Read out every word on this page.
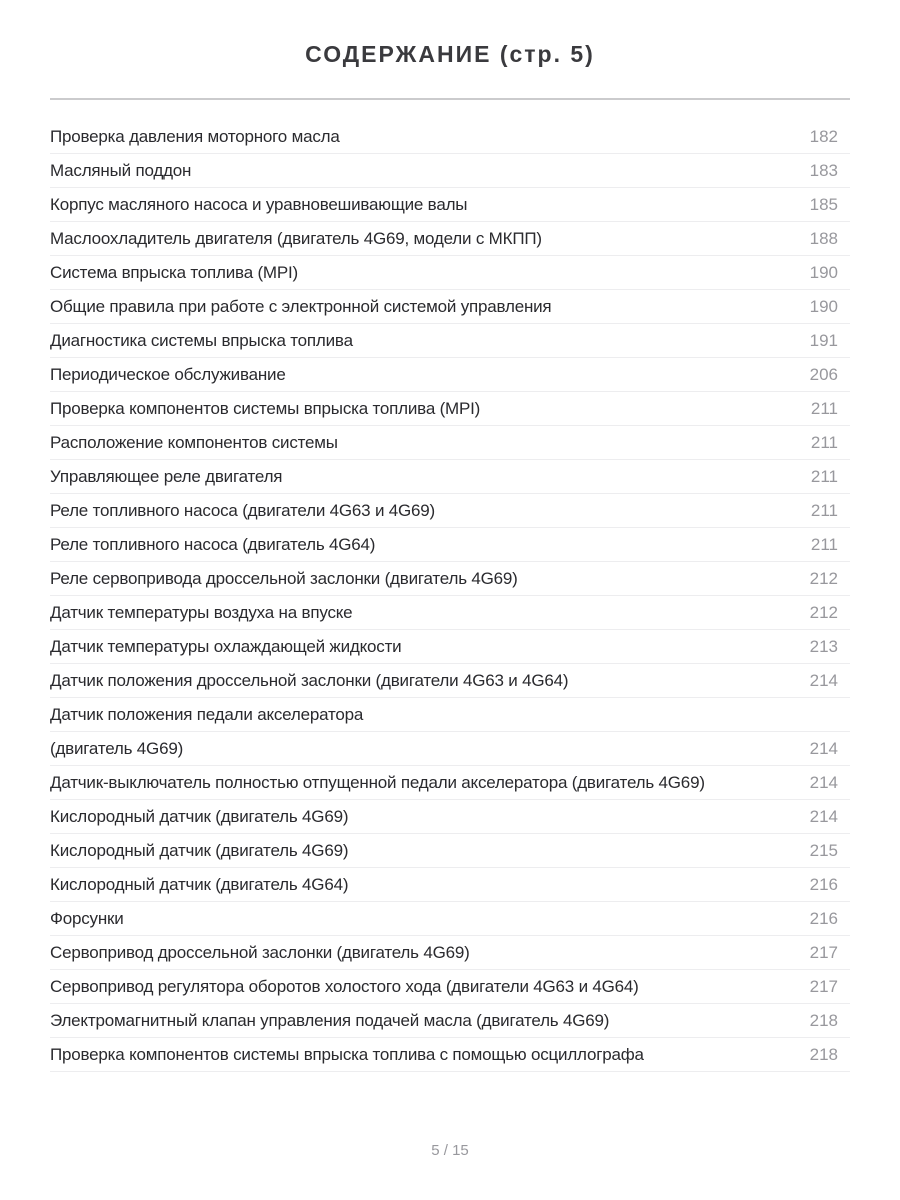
СОДЕРЖАНИЕ (стр. 5)
Проверка давления моторного масла	182
Масляный поддон	183
Корпус масляного насоса и уравновешивающие валы	185
Маслоохладитель двигателя (двигатель 4G69, модели с МКПП)	188
Система впрыска топлива (MPI)	190
Общие правила при работе с электронной системой управления	190
Диагностика системы впрыска топлива	191
Периодическое обслуживание	206
Проверка компонентов системы впрыска топлива (MPI)	211
Расположение компонентов системы	211
Управляющее реле двигателя	211
Реле топливного насоса (двигатели 4G63 и 4G69)	211
Реле топливного насоса (двигатель 4G64)	211
Реле сервопривода дроссельной заслонки (двигатель 4G69)	212
Датчик температуры воздуха на впуске	212
Датчик температуры охлаждающей жидкости	213
Датчик положения дроссельной заслонки (двигатели 4G63 и 4G64)	214
Датчик положения педали акселератора
(двигатель 4G69)	214
Датчик-выключатель полностью отпущенной педали акселератора (двигатель 4G69)	214
Кислородный датчик (двигатель 4G69)	214
Кислородный датчик (двигатель 4G69)	215
Кислородный датчик (двигатель 4G64)	216
Форсунки	216
Сервопривод дроссельной заслонки (двигатель 4G69)	217
Сервопривод регулятора оборотов холостого хода (двигатели 4G63 и 4G64)	217
Электромагнитный клапан управления подачей масла (двигатель 4G69)	218
Проверка компонентов системы впрыска топлива с помощью осциллографа	218
5 / 15
